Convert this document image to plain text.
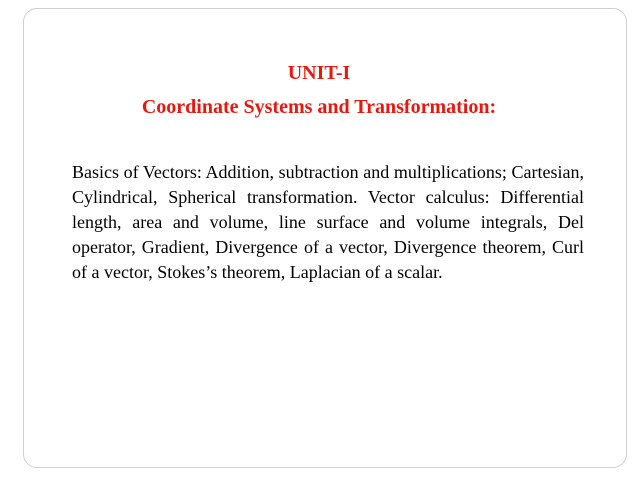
UNIT-I
Coordinate Systems and Transformation:

Basics of Vectors: Addition, subtraction and multiplications; Cartesian, Cylindrical, Spherical transformation. Vector calculus: Differential length, area and volume, line surface and volume integrals, Del operator, Gradient, Divergence of a vector, Divergence theorem, Curl of a vector, Stokes’s theorem, Laplacian of a scalar.
